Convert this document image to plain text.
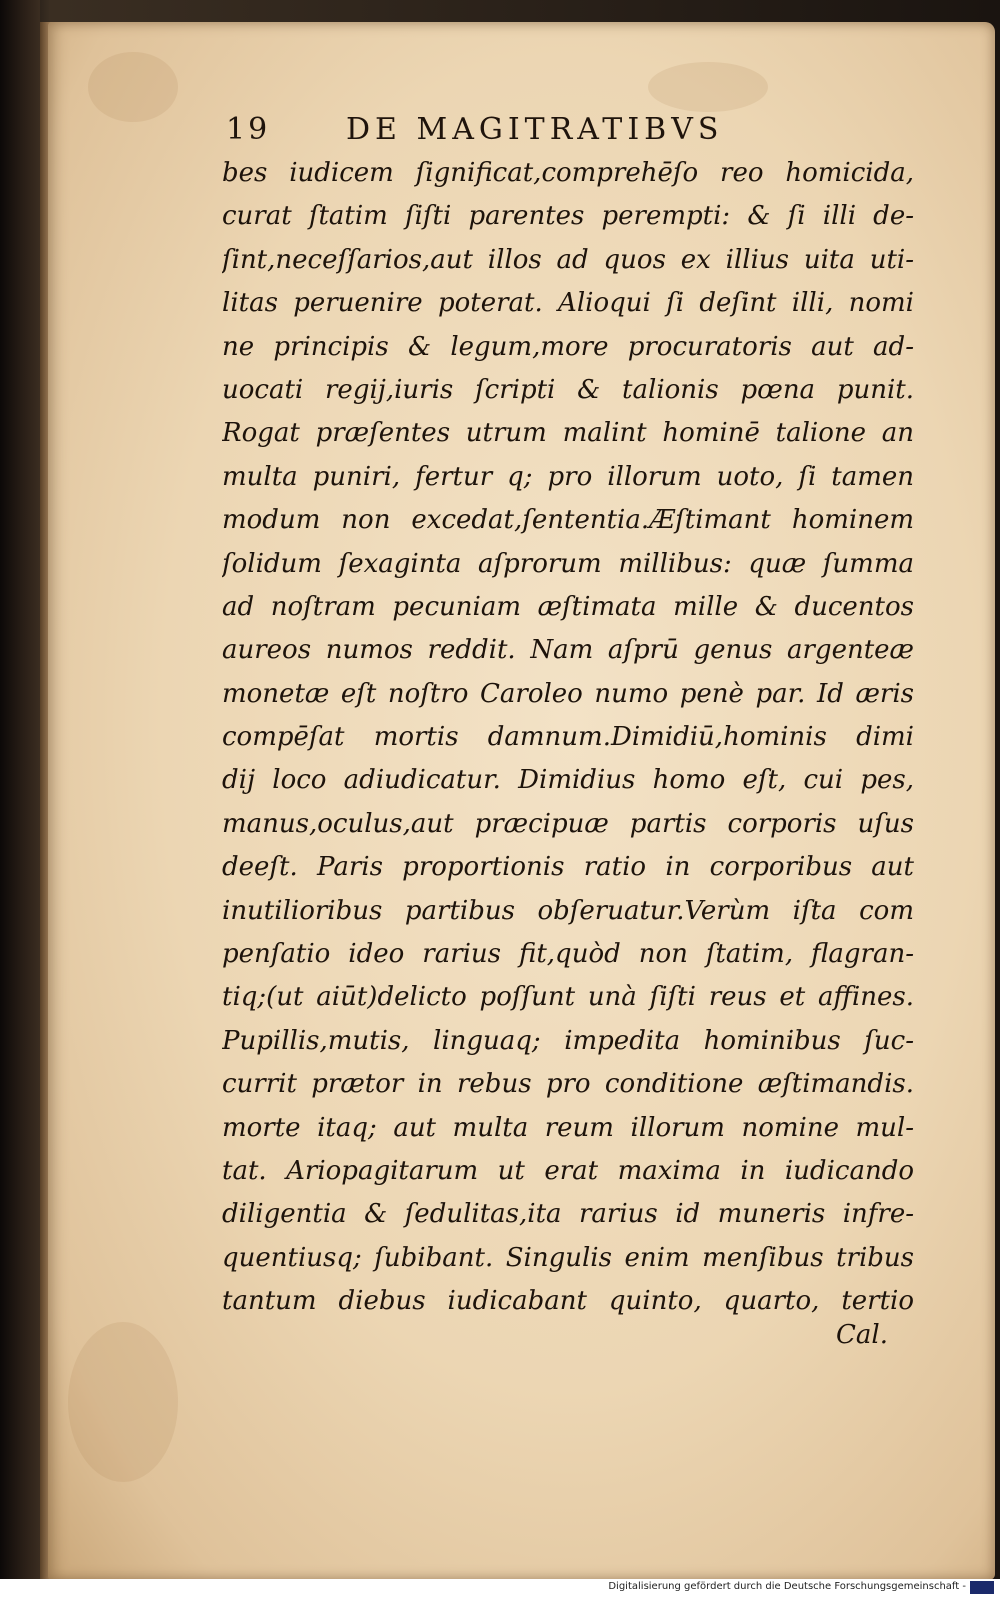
19	DE MAGITRATIBVS
bes iudicem ſignificat,comprehēſo reo homicida,
curat ſtatim ſiſti parentes perempti: & ſi illi de-
ſint,neceſſarios,aut illos ad quos ex illius uita uti-
litas peruenire poterat. Alioqui ſi deſint illi, nomi
ne principis & legum,more procuratoris aut ad-
uocati regij,iuris ſcripti & talionis pœna punit.
Rogat præſentes utrum malint hominē talione an
multa puniri, fertur q; pro illorum uoto, ſi tamen
modum non excedat,ſententia.Æſtimant hominem
ſolidum ſexaginta aſprorum millibus: quæ ſumma
ad noſtram pecuniam æſtimata mille & ducentos
aureos numos reddit. Nam aſprū genus argenteæ
monetæ eſt noſtro Caroleo numo penè par. Id æris
compēſat mortis damnum.Dimidiū,hominis dimi
dij loco adiudicatur. Dimidius homo eſt, cui pes,
manus,oculus,aut præcipuæ partis corporis uſus
deeſt. Paris proportionis ratio in corporibus aut
inutilioribus partibus obſeruatur.Verùm iſta com
penſatio ideo rarius fit,quòd non ſtatim, flagran-
tiq;(ut aiūt)delicto poſſunt unà ſiſti reus et affines.
Pupillis,mutis, linguaq; impedita hominibus ſuc-
currit prætor in rebus pro conditione æſtimandis.
morte itaq; aut multa reum illorum nomine mul-
tat. Ariopagitarum ut erat maxima in iudicando
diligentia & ſedulitas,ita rarius id muneris infre-
quentiusq; ſubibant. Singulis enim menſibus tribus
tantum diebus iudicabant quinto, quarto, tertio
Cal.
Digitalisierung gefördert durch die Deutsche Forschungsgemeinschaft -
